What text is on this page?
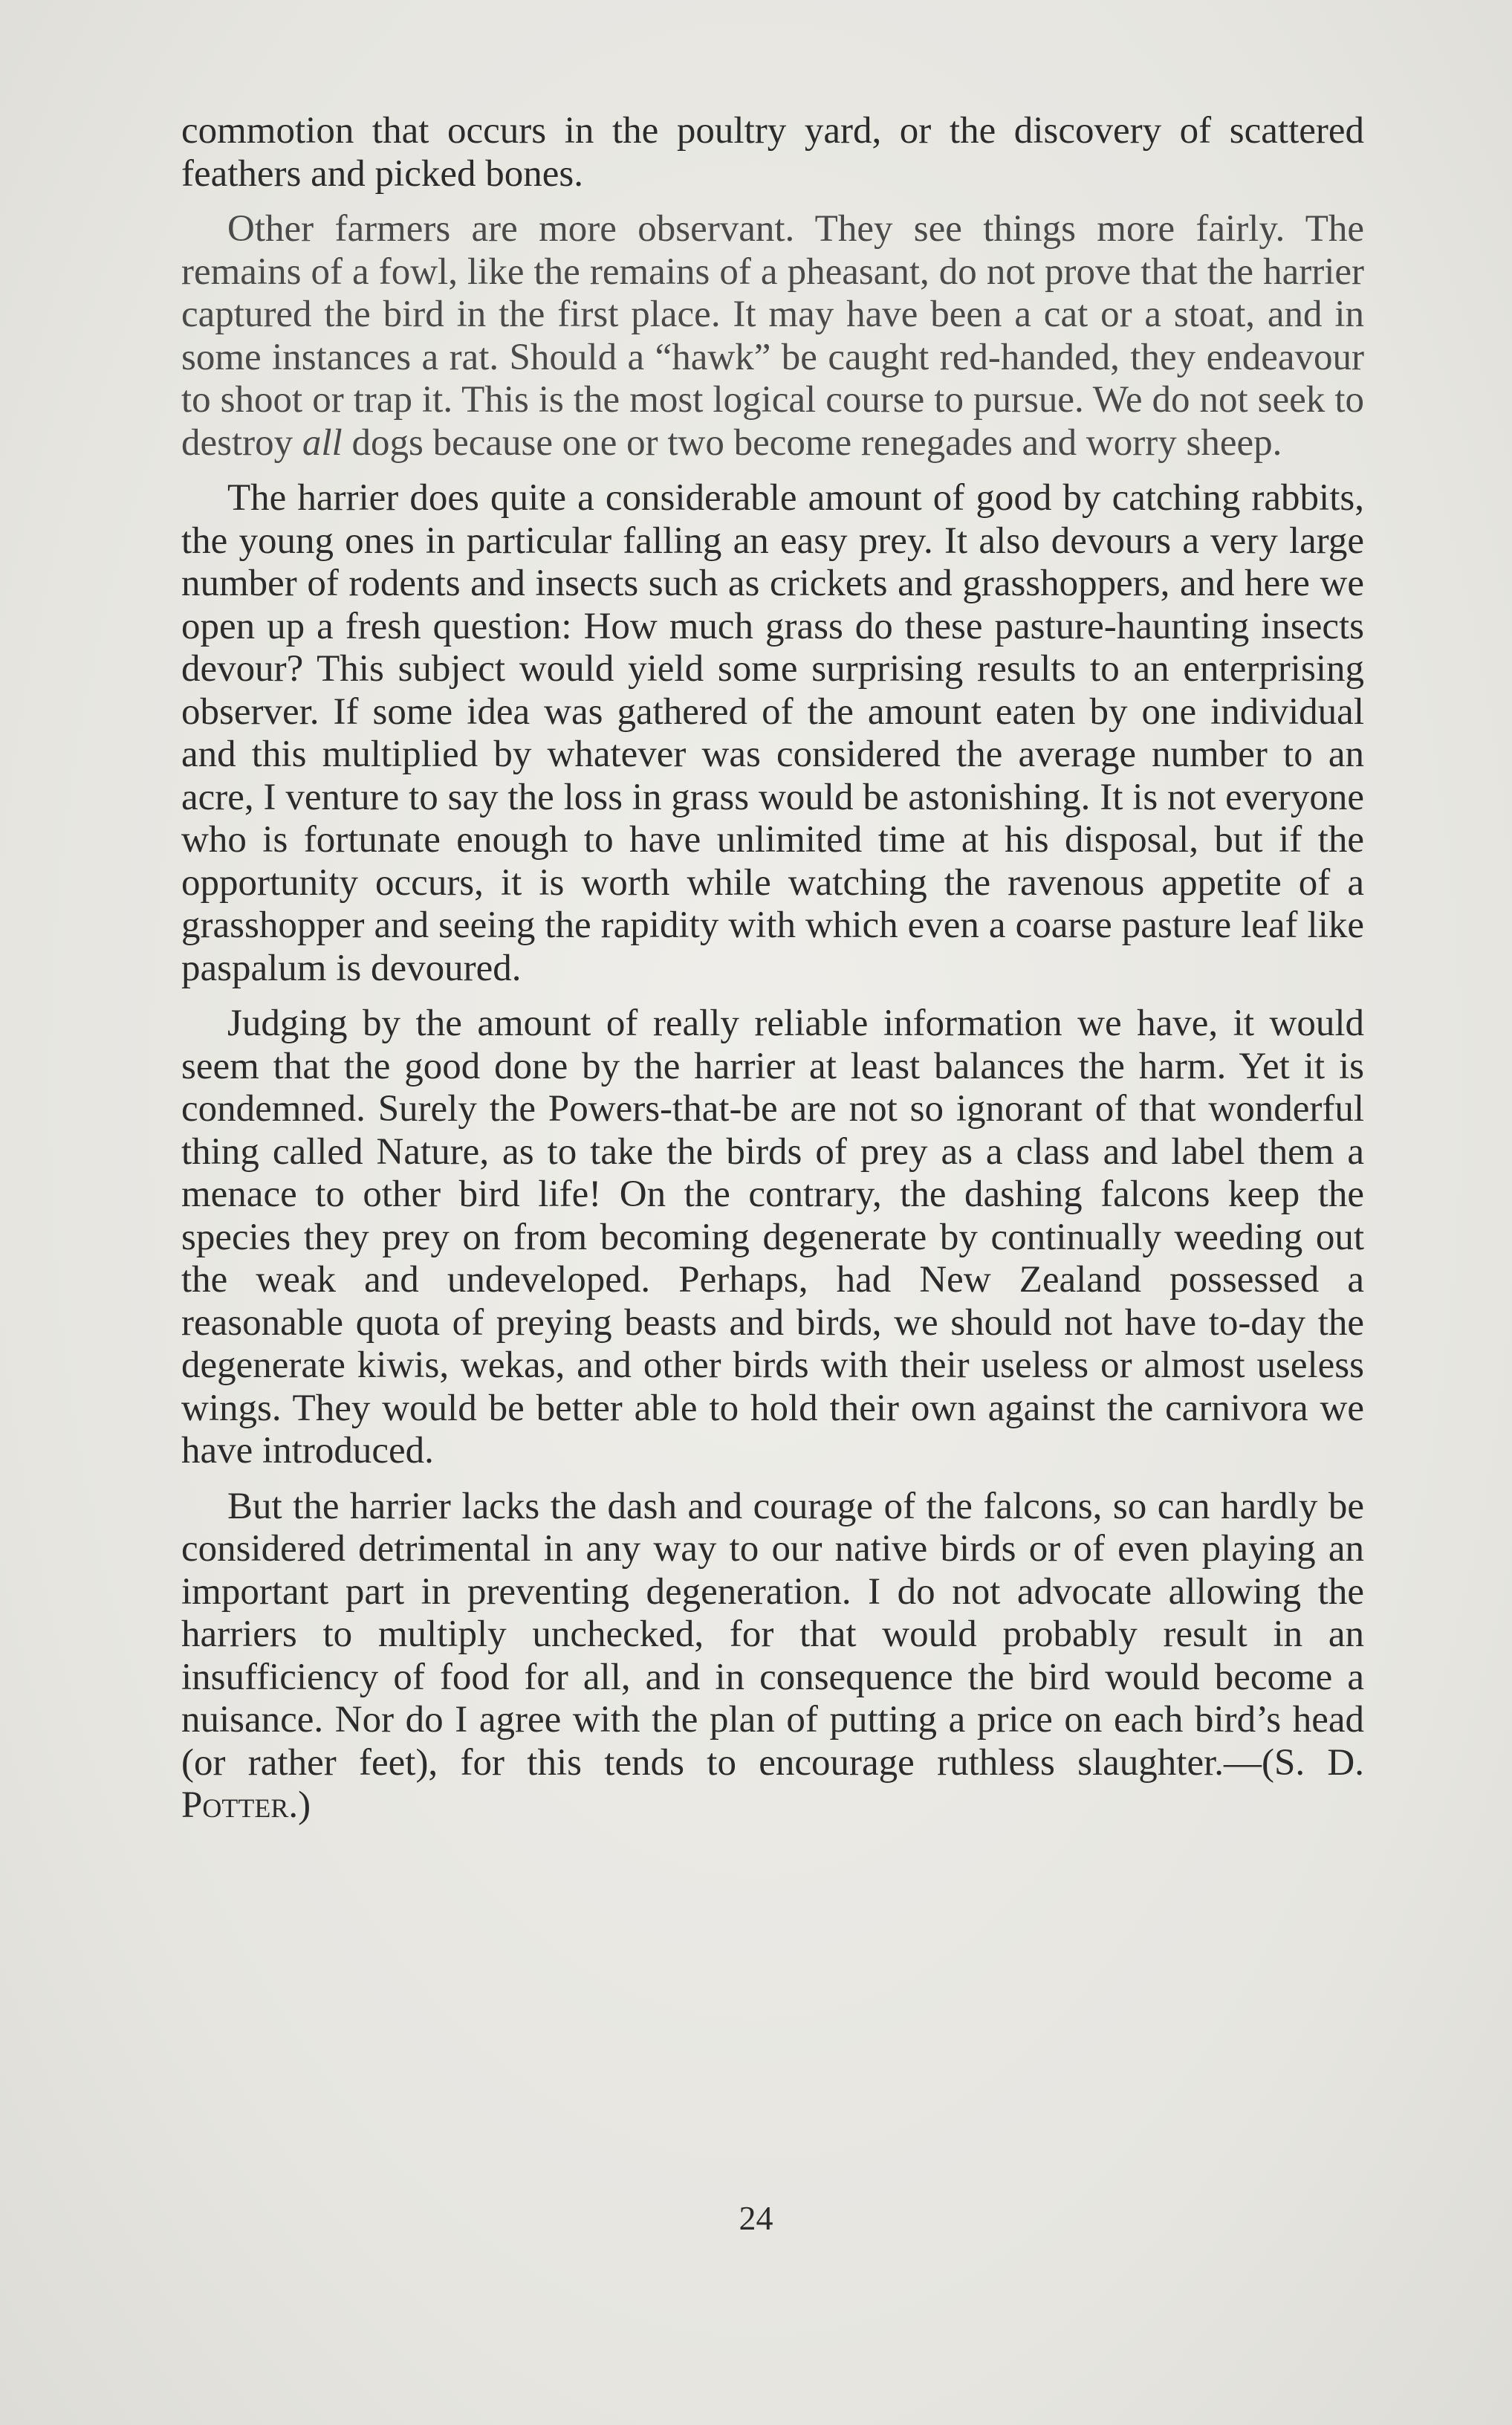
commotion that occurs in the poultry yard, or the discovery of scattered feathers and picked bones.

Other farmers are more observant. They see things more fairly. The remains of a fowl, like the remains of a pheasant, do not prove that the harrier captured the bird in the first place. It may have been a cat or a stoat, and in some instances a rat. Should a “hawk” be caught red-handed, they endeavour to shoot or trap it. This is the most logical course to pursue. We do not seek to destroy all dogs because one or two become renegades and worry sheep.

The harrier does quite a considerable amount of good by catching rabbits, the young ones in particular falling an easy prey. It also devours a very large number of rodents and insects such as crickets and grasshoppers, and here we open up a fresh question: How much grass do these pasture-haunting insects devour? This subject would yield some surprising results to an enterprising observer. If some idea was gathered of the amount eaten by one individual and this multiplied by whatever was considered the average number to an acre, I venture to say the loss in grass would be astonishing. It is not everyone who is fortunate enough to have unlimited time at his disposal, but if the opportunity occurs, it is worth while watching the ravenous appetite of a grasshopper and seeing the rapidity with which even a coarse pasture leaf like paspalum is devoured.

Judging by the amount of really reliable information we have, it would seem that the good done by the harrier at least balances the harm. Yet it is condemned. Surely the Powers-that-be are not so ignorant of that wonderful thing called Nature, as to take the birds of prey as a class and label them a menace to other bird life! On the contrary, the dashing falcons keep the species they prey on from becoming degenerate by continually weeding out the weak and undeveloped. Perhaps, had New Zealand possessed a reasonable quota of preying beasts and birds, we should not have to-day the degenerate kiwis, wekas, and other birds with their useless or almost useless wings. They would be better able to hold their own against the carnivora we have introduced.

But the harrier lacks the dash and courage of the falcons, so can hardly be considered detrimental in any way to our native birds or of even playing an important part in preventing degeneration. I do not advocate allowing the harriers to multiply unchecked, for that would probably result in an insufficiency of food for all, and in consequence the bird would become a nuisance. Nor do I agree with the plan of putting a price on each bird’s head (or rather feet), for this tends to encourage ruthless slaughter.—(S. D. Potter.)

24
